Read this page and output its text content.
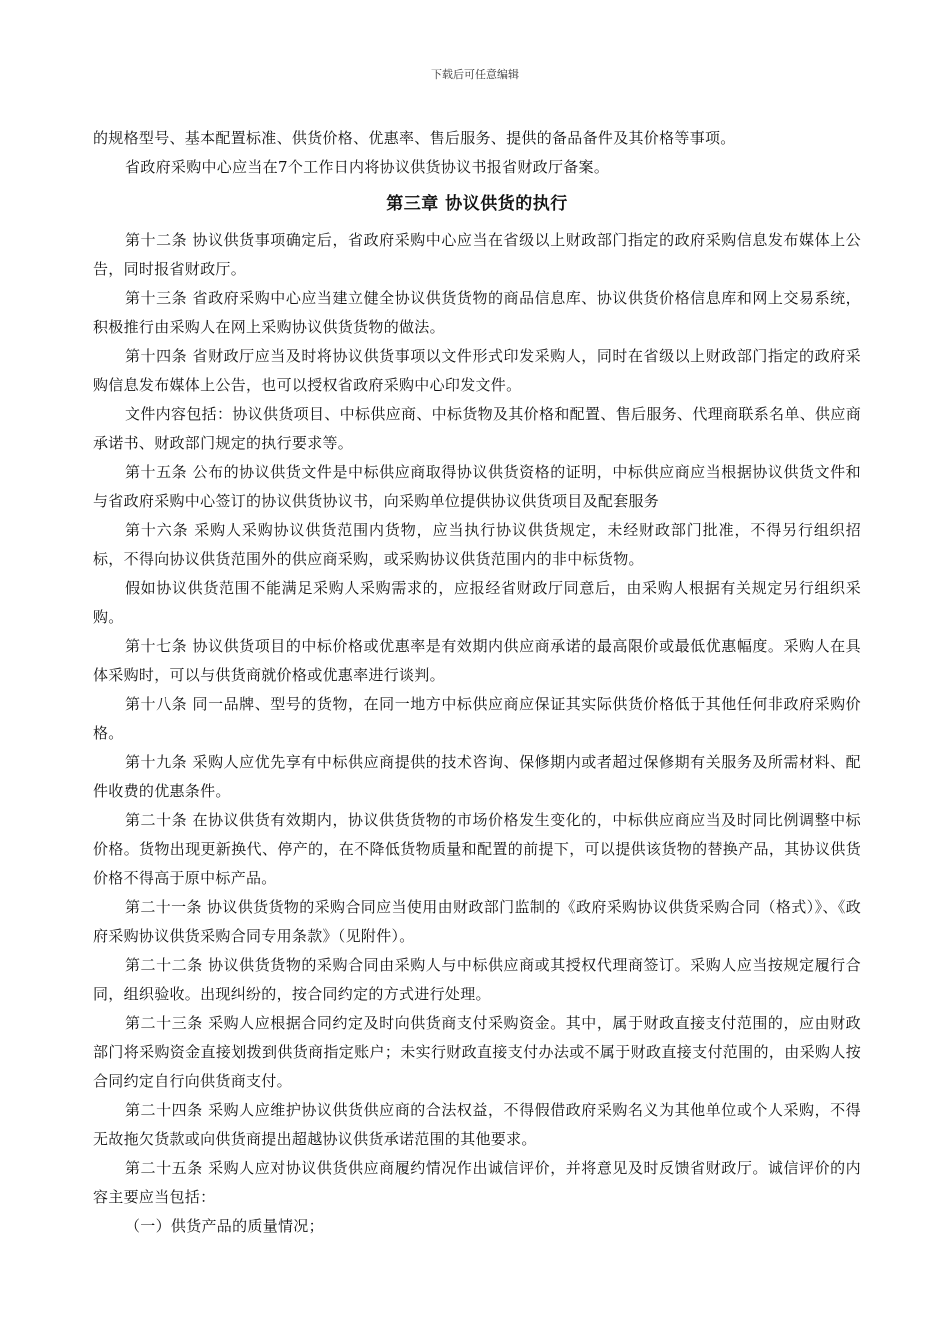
下载后可任意编辑

的规格型号、基本配置标准、供货价格、优惠率、售后服务、提供的备品备件及其价格等事项。

省政府采购中心应当在7个工作日内将协议供货协议书报省财政厅备案。

第三章 协议供货的执行

第十二条 协议供货事项确定后，省政府采购中心应当在省级以上财政部门指定的政府采购信息发布媒体上公告，同时报省财政厅。

第十三条 省政府采购中心应当建立健全协议供货货物的商品信息库、协议供货价格信息库和网上交易系统，积极推行由采购人在网上采购协议供货货物的做法。

第十四条 省财政厅应当及时将协议供货事项以文件形式印发采购人，同时在省级以上财政部门指定的政府采购信息发布媒体上公告，也可以授权省政府采购中心印发文件。

文件内容包括：协议供货项目、中标供应商、中标货物及其价格和配置、售后服务、代理商联系名单、供应商承诺书、财政部门规定的执行要求等。

第十五条 公布的协议供货文件是中标供应商取得协议供货资格的证明，中标供应商应当根据协议供货文件和与省政府采购中心签订的协议供货协议书，向采购单位提供协议供货项目及配套服务

第十六条 采购人采购协议供货范围内货物，应当执行协议供货规定，未经财政部门批准，不得另行组织招标，不得向协议供货范围外的供应商采购，或采购协议供货范围内的非中标货物。

假如协议供货范围不能满足采购人采购需求的，应报经省财政厅同意后，由采购人根据有关规定另行组织采购。

第十七条 协议供货项目的中标价格或优惠率是有效期内供应商承诺的最高限价或最低优惠幅度。采购人在具体采购时，可以与供货商就价格或优惠率进行谈判。

第十八条 同一品牌、型号的货物，在同一地方中标供应商应保证其实际供货价格低于其他任何非政府采购价格。

第十九条 采购人应优先享有中标供应商提供的技术咨询、保修期内或者超过保修期有关服务及所需材料、配件收费的优惠条件。

第二十条 在协议供货有效期内，协议供货货物的市场价格发生变化的，中标供应商应当及时同比例调整中标价格。货物出现更新换代、停产的，在不降低货物质量和配置的前提下，可以提供该货物的替换产品，其协议供货价格不得高于原中标产品。

第二十一条 协议供货货物的采购合同应当使用由财政部门监制的《政府采购协议供货采购合同（格式）》、《政府采购协议供货采购合同专用条款》（见附件）。

第二十二条 协议供货货物的采购合同由采购人与中标供应商或其授权代理商签订。采购人应当按规定履行合同，组织验收。出现纠纷的，按合同约定的方式进行处理。

第二十三条 采购人应根据合同约定及时向供货商支付采购资金。其中，属于财政直接支付范围的，应由财政部门将采购资金直接划拨到供货商指定账户；未实行财政直接支付办法或不属于财政直接支付范围的，由采购人按合同约定自行向供货商支付。

第二十四条 采购人应维护协议供货供应商的合法权益，不得假借政府采购名义为其他单位或个人采购，不得无故拖欠货款或向供货商提出超越协议供货承诺范围的其他要求。

第二十五条 采购人应对协议供货供应商履约情况作出诚信评价，并将意见及时反馈省财政厅。诚信评价的内容主要应当包括：

（一）供货产品的质量情况；
